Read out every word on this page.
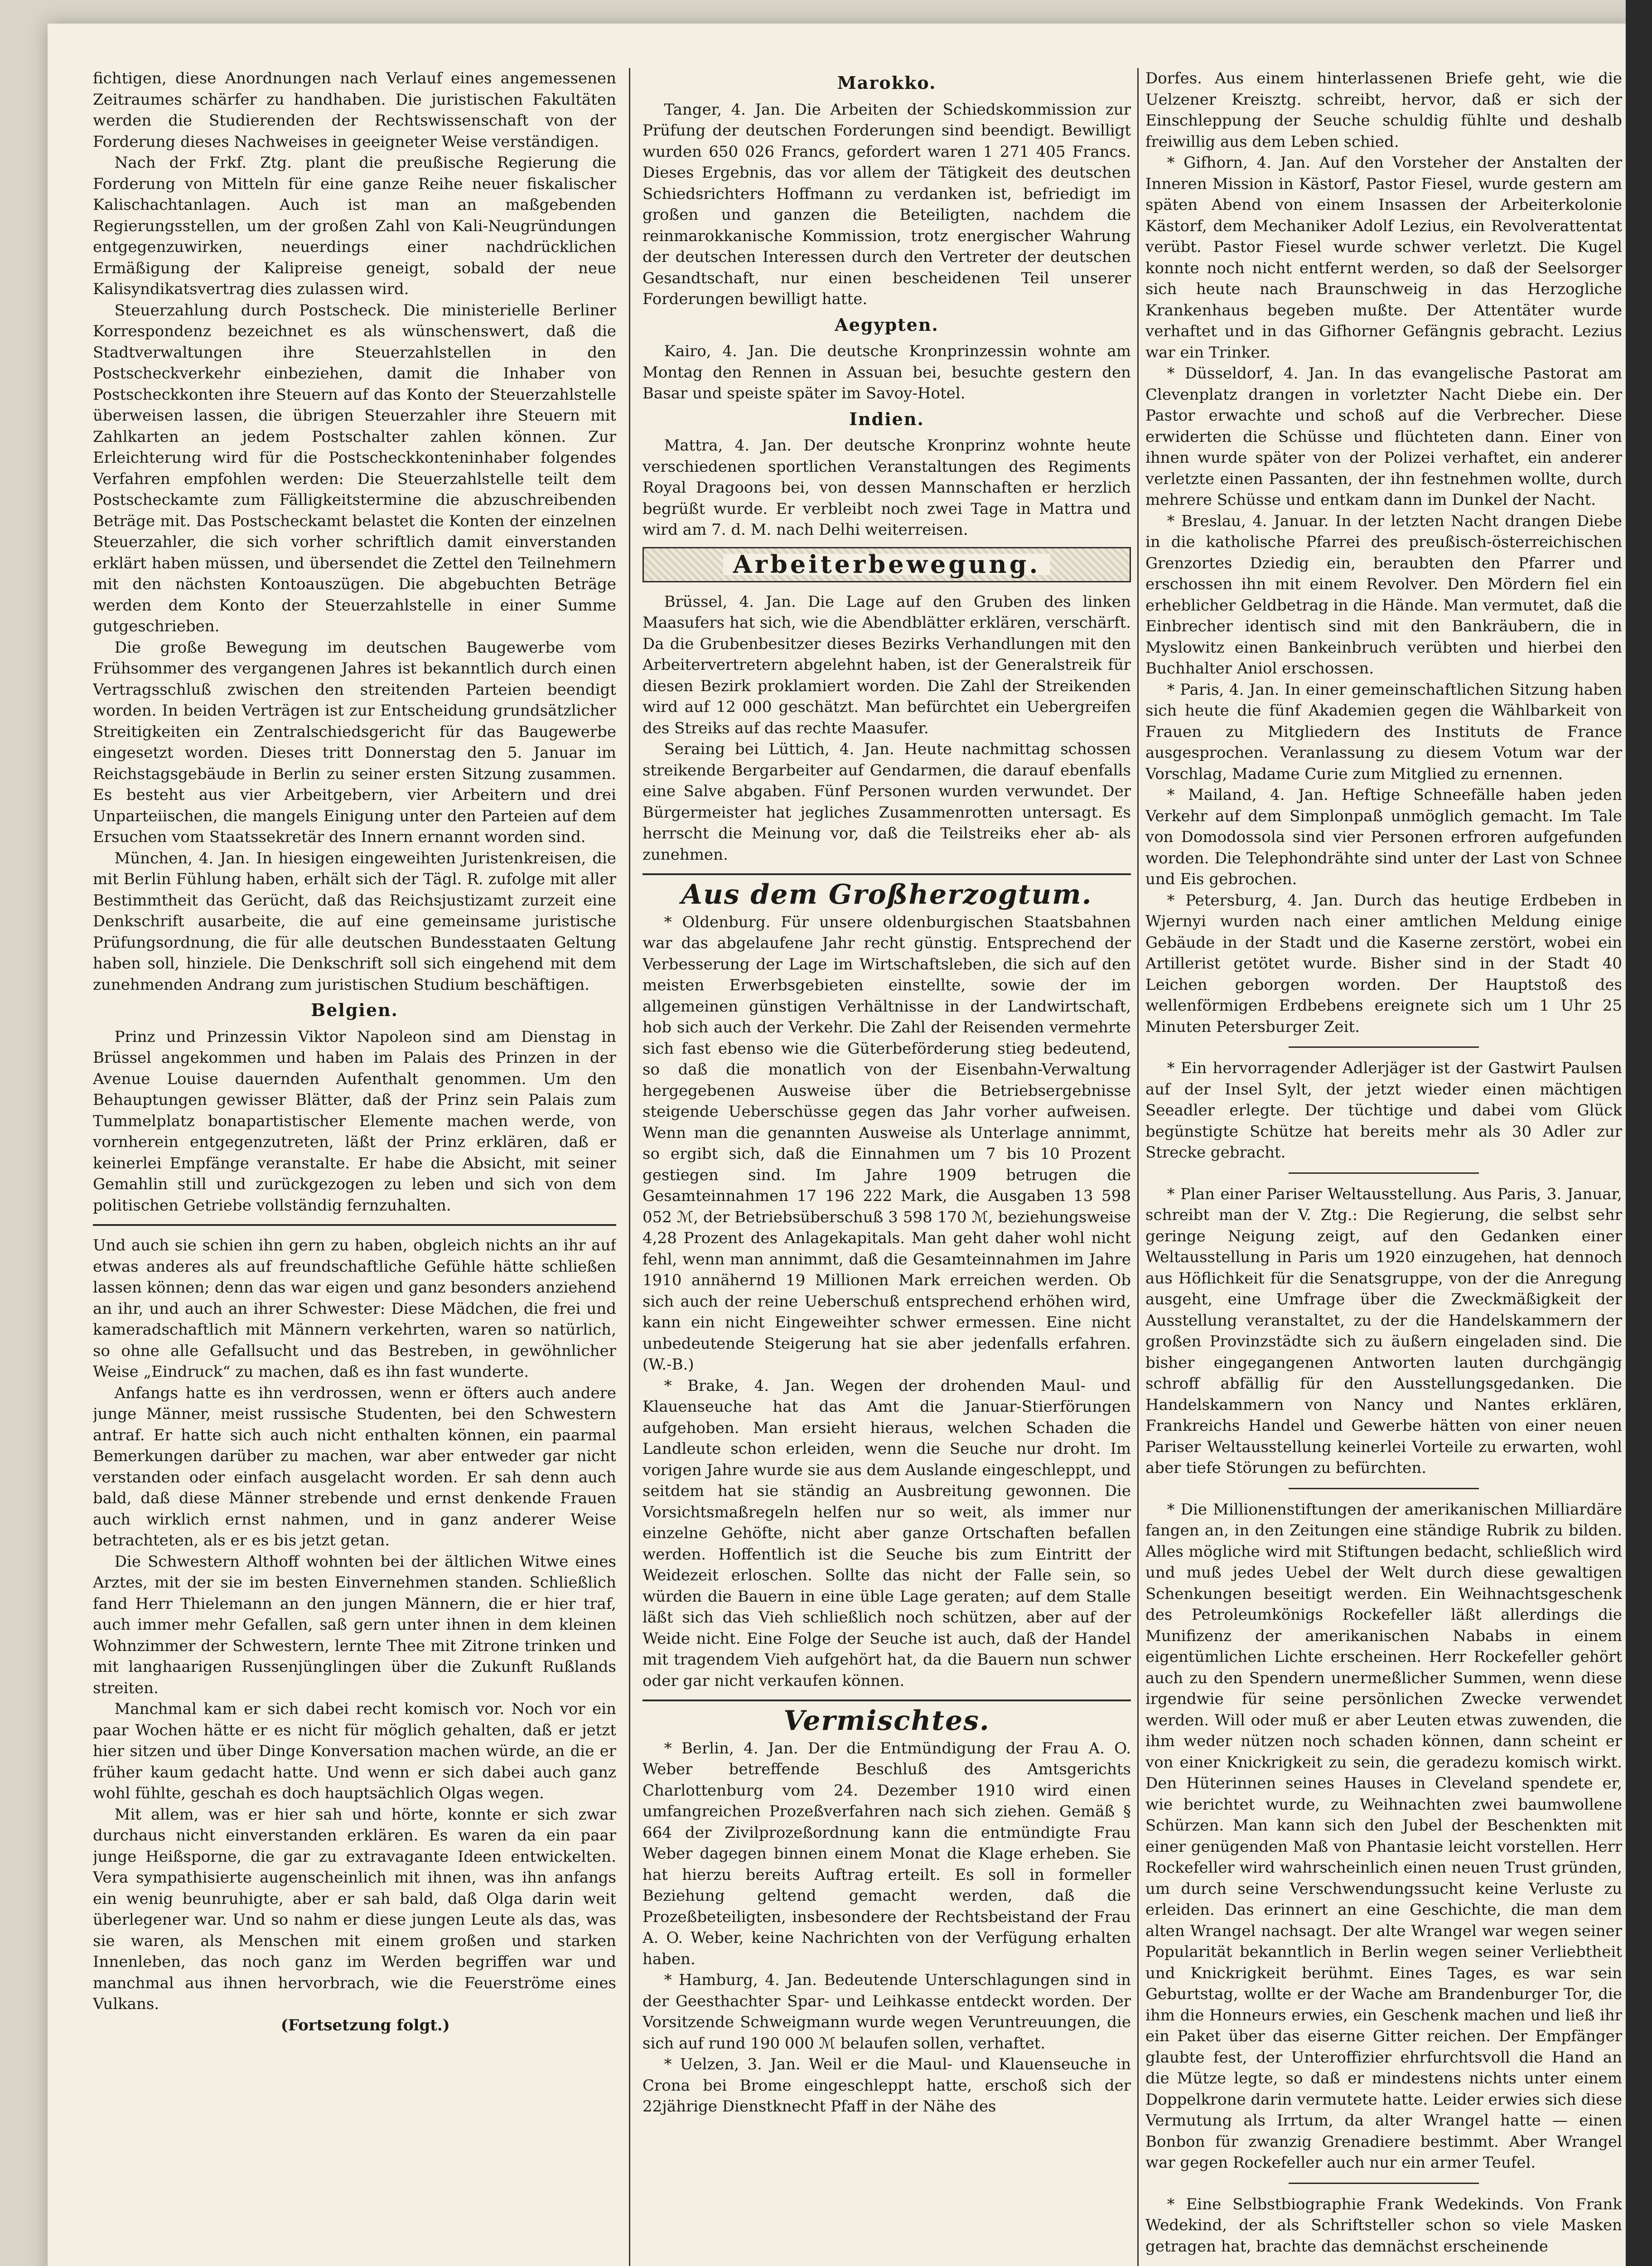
fichtigen, diese Anordnungen nach Verlauf eines angemessenen Zeitraumes schärfer zu handhaben. Die juristischen Fakultäten werden die Studierenden der Rechtswissenschaft von der Forderung dieses Nachweises in geeigneter Weise verständigen.

Nach der Frkf. Ztg. plant die preußische Regierung die Forderung von Mitteln für eine ganze Reihe neuer fiskalischer Kalischachtanlagen. Auch ist man an maßgebenden Regierungsstellen, um der großen Zahl von Kali-Neugründungen entgegenzuwirken, neuerdings einer nachdrücklichen Ermäßigung der Kalipreise geneigt, sobald der neue Kalisyndikatsvertrag dies zulassen wird.

Steuerzahlung durch Postscheck. Die ministerielle Berliner Korrespondenz bezeichnet es als wünschenswert, daß die Stadtverwaltungen ihre Steuerzahlstellen in den Postscheckverkehr einbeziehen, damit die Inhaber von Postscheckkonten ihre Steuern auf das Konto der Steuerzahlstelle überweisen lassen, die übrigen Steuerzahler ihre Steuern mit Zahlkarten an jedem Postschalter zahlen können. Zur Erleichterung wird für die Postscheckkonteninhaber folgendes Verfahren empfohlen werden: Die Steuerzahlstelle teilt dem Postscheckamte zum Fälligkeitstermine die abzuschreibenden Beträge mit. Das Postscheckamt belastet die Konten der einzelnen Steuerzahler, die sich vorher schriftlich damit einverstanden erklärt haben müssen, und übersendet die Zettel den Teilnehmern mit den nächsten Kontoauszügen. Die abgebuchten Beträge werden dem Konto der Steuerzahlstelle in einer Summe gutgeschrieben.

Die große Bewegung im deutschen Baugewerbe vom Frühsommer des vergangenen Jahres ist bekanntlich durch einen Vertragsschluß zwischen den streitenden Parteien beendigt worden. In beiden Verträgen ist zur Entscheidung grundsätzlicher Streitigkeiten ein Zentralschiedsgericht für das Baugewerbe eingesetzt worden. Dieses tritt Donnerstag den 5. Januar im Reichstagsgebäude in Berlin zu seiner ersten Sitzung zusammen. Es besteht aus vier Arbeitgebern, vier Arbeitern und drei Unparteiischen, die mangels Einigung unter den Parteien auf dem Ersuchen vom Staatssekretär des Innern ernannt worden sind.

München, 4. Jan. In hiesigen eingeweihten Juristenkreisen, die mit Berlin Fühlung haben, erhält sich der Tägl. R. zufolge mit aller Bestimmtheit das Gerücht, daß das Reichsjustizamt zurzeit eine Denkschrift ausarbeite, die auf eine gemeinsame juristische Prüfungsordnung, die für alle deutschen Bundesstaaten Geltung haben soll, hinziele. Die Denkschrift soll sich eingehend mit dem zunehmenden Andrang zum juristischen Studium beschäftigen.

Belgien.

Prinz und Prinzessin Viktor Napoleon sind am Dienstag in Brüssel angekommen und haben im Palais des Prinzen in der Avenue Louise dauernden Aufenthalt genommen. Um den Behauptungen gewisser Blätter, daß der Prinz sein Palais zum Tummelplatz bonapartistischer Elemente machen werde, von vornherein entgegenzutreten, läßt der Prinz erklären, daß er keinerlei Empfänge veranstalte. Er habe die Absicht, mit seiner Gemahlin still und zurückgezogen zu leben und sich von dem politischen Getriebe vollständig fernzuhalten.

Und auch sie schien ihn gern zu haben, obgleich nichts an ihr auf etwas anderes als auf freundschaftliche Gefühle hätte schließen lassen können; denn das war eigen und ganz besonders anziehend an ihr, und auch an ihrer Schwester: Diese Mädchen, die frei und kameradschaftlich mit Männern verkehrten, waren so natürlich, so ohne alle Gefallsucht und das Bestreben, in gewöhnlicher Weise „Eindruck“ zu machen, daß es ihn fast wunderte.

Anfangs hatte es ihn verdrossen, wenn er öfters auch andere junge Männer, meist russische Studenten, bei den Schwestern antraf. Er hatte sich auch nicht enthalten können, ein paarmal Bemerkungen darüber zu machen, war aber entweder gar nicht verstanden oder einfach ausgelacht worden. Er sah denn auch bald, daß diese Männer strebende und ernst denkende Frauen auch wirklich ernst nahmen, und in ganz anderer Weise betrachteten, als er es bis jetzt getan.

Die Schwestern Althoff wohnten bei der ältlichen Witwe eines Arztes, mit der sie im besten Einvernehmen standen. Schließlich fand Herr Thielemann an den jungen Männern, die er hier traf, auch immer mehr Gefallen, saß gern unter ihnen in dem kleinen Wohnzimmer der Schwestern, lernte Thee mit Zitrone trinken und mit langhaarigen Russenjünglingen über die Zukunft Rußlands streiten.

Manchmal kam er sich dabei recht komisch vor. Noch vor ein paar Wochen hätte er es nicht für möglich gehalten, daß er jetzt hier sitzen und über Dinge Konversation machen würde, an die er früher kaum gedacht hatte. Und wenn er sich dabei auch ganz wohl fühlte, geschah es doch hauptsächlich Olgas wegen.

Mit allem, was er hier sah und hörte, konnte er sich zwar durchaus nicht einverstanden erklären. Es waren da ein paar junge Heißsporne, die gar zu extravagante Ideen entwickelten. Vera sympathisierte augenscheinlich mit ihnen, was ihn anfangs ein wenig beunruhigte, aber er sah bald, daß Olga darin weit überlegener war. Und so nahm er diese jungen Leute als das, was sie waren, als Menschen mit einem großen und starken Innenleben, das noch ganz im Werden begriffen war und manchmal aus ihnen hervorbrach, wie die Feuerströme eines Vulkans.

(Fortsetzung folgt.)

Marokko.

Tanger, 4. Jan. Die Arbeiten der Schiedskommission zur Prüfung der deutschen Forderungen sind beendigt. Bewilligt wurden 650 026 Francs, gefordert waren 1 271 405 Francs. Dieses Ergebnis, das vor allem der Tätigkeit des deutschen Schiedsrichters Hoffmann zu verdanken ist, befriedigt im großen und ganzen die Beteiligten, nachdem die reinmarokkanische Kommission, trotz energischer Wahrung der deutschen Interessen durch den Vertreter der deutschen Gesandtschaft, nur einen bescheidenen Teil unserer Forderungen bewilligt hatte.

Aegypten.

Kairo, 4. Jan. Die deutsche Kronprinzessin wohnte am Montag den Rennen in Assuan bei, besuchte gestern den Basar und speiste später im Savoy-Hotel.

Indien.

Mattra, 4. Jan. Der deutsche Kronprinz wohnte heute verschiedenen sportlichen Veranstaltungen des Regiments Royal Dragoons bei, von dessen Mannschaften er herzlich begrüßt wurde. Er verbleibt noch zwei Tage in Mattra und wird am 7. d. M. nach Delhi weiterreisen.

Arbeiterbewegung.

Brüssel, 4. Jan. Die Lage auf den Gruben des linken Maasufers hat sich, wie die Abendblätter erklären, verschärft. Da die Grubenbesitzer dieses Bezirks Verhandlungen mit den Arbeitervertretern abgelehnt haben, ist der Generalstreik für diesen Bezirk proklamiert worden. Die Zahl der Streikenden wird auf 12 000 geschätzt. Man befürchtet ein Uebergreifen des Streiks auf das rechte Maasufer.

Seraing bei Lüttich, 4. Jan. Heute nachmittag schossen streikende Bergarbeiter auf Gendarmen, die darauf ebenfalls eine Salve abgaben. Fünf Personen wurden verwundet. Der Bürgermeister hat jegliches Zusammenrotten untersagt. Es herrscht die Meinung vor, daß die Teilstreiks eher ab- als zunehmen.

Aus dem Großherzogtum.

* Oldenburg. Für unsere oldenburgischen Staatsbahnen war das abgelaufene Jahr recht günstig. Entsprechend der Verbesserung der Lage im Wirtschaftsleben, die sich auf den meisten Erwerbsgebieten einstellte, sowie der im allgemeinen günstigen Verhältnisse in der Landwirtschaft, hob sich auch der Verkehr. Die Zahl der Reisenden vermehrte sich fast ebenso wie die Güterbeförderung stieg bedeutend, so daß die monatlich von der Eisenbahn-Verwaltung hergegebenen Ausweise über die Betriebsergebnisse steigende Ueberschüsse gegen das Jahr vorher aufweisen. Wenn man die genannten Ausweise als Unterlage annimmt, so ergibt sich, daß die Einnahmen um 7 bis 10 Prozent gestiegen sind. Im Jahre 1909 betrugen die Gesamteinnahmen 17 196 222 Mark, die Ausgaben 13 598 052 ℳ, der Betriebsüberschuß 3 598 170 ℳ, beziehungsweise 4,28 Prozent des Anlagekapitals. Man geht daher wohl nicht fehl, wenn man annimmt, daß die Gesamteinnahmen im Jahre 1910 annähernd 19 Millionen Mark erreichen werden. Ob sich auch der reine Ueberschuß entsprechend erhöhen wird, kann ein nicht Eingeweihter schwer ermessen. Eine nicht unbedeutende Steigerung hat sie aber jedenfalls erfahren. (W.-B.)

* Brake, 4. Jan. Wegen der drohenden Maul- und Klauenseuche hat das Amt die Januar-Stierförungen aufgehoben. Man ersieht hieraus, welchen Schaden die Landleute schon erleiden, wenn die Seuche nur droht. Im vorigen Jahre wurde sie aus dem Auslande eingeschleppt, und seitdem hat sie ständig an Ausbreitung gewonnen. Die Vorsichtsmaßregeln helfen nur so weit, als immer nur einzelne Gehöfte, nicht aber ganze Ortschaften befallen werden. Hoffentlich ist die Seuche bis zum Eintritt der Weidezeit erloschen. Sollte das nicht der Falle sein, so würden die Bauern in eine üble Lage geraten; auf dem Stalle läßt sich das Vieh schließlich noch schützen, aber auf der Weide nicht. Eine Folge der Seuche ist auch, daß der Handel mit tragendem Vieh aufgehört hat, da die Bauern nun schwer oder gar nicht verkaufen können.

Vermischtes.

* Berlin, 4. Jan. Der die Entmündigung der Frau A. O. Weber betreffende Beschluß des Amtsgerichts Charlottenburg vom 24. Dezember 1910 wird einen umfangreichen Prozeßverfahren nach sich ziehen. Gemäß § 664 der Zivilprozeßordnung kann die entmündigte Frau Weber dagegen binnen einem Monat die Klage erheben. Sie hat hierzu bereits Auftrag erteilt. Es soll in formeller Beziehung geltend gemacht werden, daß die Prozeßbeteiligten, insbesondere der Rechtsbeistand der Frau A. O. Weber, keine Nachrichten von der Verfügung erhalten haben.

* Hamburg, 4. Jan. Bedeutende Unterschlagungen sind in der Geesthachter Spar- und Leihkasse entdeckt worden. Der Vorsitzende Schweigmann wurde wegen Veruntreuungen, die sich auf rund 190 000 ℳ belaufen sollen, verhaftet.

* Uelzen, 3. Jan. Weil er die Maul- und Klauenseuche in Crona bei Brome eingeschleppt hatte, erschoß sich der 22jährige Dienstknecht Pfaff in der Nähe des

Dorfes. Aus einem hinterlassenen Briefe geht, wie die Uelzener Kreisztg. schreibt, hervor, daß er sich der Einschleppung der Seuche schuldig fühlte und deshalb freiwillig aus dem Leben schied.

* Gifhorn, 4. Jan. Auf den Vorsteher der Anstalten der Inneren Mission in Kästorf, Pastor Fiesel, wurde gestern am späten Abend von einem Insassen der Arbeiterkolonie Kästorf, dem Mechaniker Adolf Lezius, ein Revolverattentat verübt. Pastor Fiesel wurde schwer verletzt. Die Kugel konnte noch nicht entfernt werden, so daß der Seelsorger sich heute nach Braunschweig in das Herzogliche Krankenhaus begeben mußte. Der Attentäter wurde verhaftet und in das Gifhorner Gefängnis gebracht. Lezius war ein Trinker.

* Düsseldorf, 4. Jan. In das evangelische Pastorat am Clevenplatz drangen in vorletzter Nacht Diebe ein. Der Pastor erwachte und schoß auf die Verbrecher. Diese erwiderten die Schüsse und flüchteten dann. Einer von ihnen wurde später von der Polizei verhaftet, ein anderer verletzte einen Passanten, der ihn festnehmen wollte, durch mehrere Schüsse und entkam dann im Dunkel der Nacht.

* Breslau, 4. Januar. In der letzten Nacht drangen Diebe in die katholische Pfarrei des preußisch-österreichischen Grenzortes Dziedig ein, beraubten den Pfarrer und erschossen ihn mit einem Revolver. Den Mördern fiel ein erheblicher Geldbetrag in die Hände. Man vermutet, daß die Einbrecher identisch sind mit den Bankräubern, die in Myslowitz einen Bankeinbruch verübten und hierbei den Buchhalter Aniol erschossen.

* Paris, 4. Jan. In einer gemeinschaftlichen Sitzung haben sich heute die fünf Akademien gegen die Wählbarkeit von Frauen zu Mitgliedern des Instituts de France ausgesprochen. Veranlassung zu diesem Votum war der Vorschlag, Madame Curie zum Mitglied zu ernennen.

* Mailand, 4. Jan. Heftige Schneefälle haben jeden Verkehr auf dem Simplonpaß unmöglich gemacht. Im Tale von Domodossola sind vier Personen erfroren aufgefunden worden. Die Telephondrähte sind unter der Last von Schnee und Eis gebrochen.

* Petersburg, 4. Jan. Durch das heutige Erdbeben in Wjernyi wurden nach einer amtlichen Meldung einige Gebäude in der Stadt und die Kaserne zerstört, wobei ein Artillerist getötet wurde. Bisher sind in der Stadt 40 Leichen geborgen worden. Der Hauptstoß des wellenförmigen Erdbebens ereignete sich um 1 Uhr 25 Minuten Petersburger Zeit.

* Ein hervorragender Adlerjäger ist der Gastwirt Paulsen auf der Insel Sylt, der jetzt wieder einen mächtigen Seeadler erlegte. Der tüchtige und dabei vom Glück begünstigte Schütze hat bereits mehr als 30 Adler zur Strecke gebracht.

* Plan einer Pariser Weltausstellung. Aus Paris, 3. Januar, schreibt man der V. Ztg.: Die Regierung, die selbst sehr geringe Neigung zeigt, auf den Gedanken einer Weltausstellung in Paris um 1920 einzugehen, hat dennoch aus Höflichkeit für die Senatsgruppe, von der die Anregung ausgeht, eine Umfrage über die Zweckmäßigkeit der Ausstellung veranstaltet, zu der die Handelskammern der großen Provinzstädte sich zu äußern eingeladen sind. Die bisher eingegangenen Antworten lauten durchgängig schroff abfällig für den Ausstellungsgedanken. Die Handelskammern von Nancy und Nantes erklären, Frankreichs Handel und Gewerbe hätten von einer neuen Pariser Weltausstellung keinerlei Vorteile zu erwarten, wohl aber tiefe Störungen zu befürchten.

* Die Millionenstiftungen der amerikanischen Milliardäre fangen an, in den Zeitungen eine ständige Rubrik zu bilden. Alles mögliche wird mit Stiftungen bedacht, schließlich wird und muß jedes Uebel der Welt durch diese gewaltigen Schenkungen beseitigt werden. Ein Weihnachtsgeschenk des Petroleumkönigs Rockefeller läßt allerdings die Munifizenz der amerikanischen Nababs in einem eigentümlichen Lichte erscheinen. Herr Rockefeller gehört auch zu den Spendern unermeßlicher Summen, wenn diese irgendwie für seine persönlichen Zwecke verwendet werden. Will oder muß er aber Leuten etwas zuwenden, die ihm weder nützen noch schaden können, dann scheint er von einer Knickrigkeit zu sein, die geradezu komisch wirkt. Den Hüterinnen seines Hauses in Cleveland spendete er, wie berichtet wurde, zu Weihnachten zwei baumwollene Schürzen. Man kann sich den Jubel der Beschenkten mit einer genügenden Maß von Phantasie leicht vorstellen. Herr Rockefeller wird wahrscheinlich einen neuen Trust gründen, um durch seine Verschwendungssucht keine Verluste zu erleiden. Das erinnert an eine Geschichte, die man dem alten Wrangel nachsagt. Der alte Wrangel war wegen seiner Popularität bekanntlich in Berlin wegen seiner Verliebtheit und Knickrigkeit berühmt. Eines Tages, es war sein Geburtstag, wollte er der Wache am Brandenburger Tor, die ihm die Honneurs erwies, ein Geschenk machen und ließ ihr ein Paket über das eiserne Gitter reichen. Der Empfänger glaubte fest, der Unteroffizier ehrfurchtsvoll die Hand an die Mütze legte, so daß er mindestens nichts unter einem Doppelkrone darin vermutete hatte. Leider erwies sich diese Vermutung als Irrtum, da alter Wrangel hatte — einen Bonbon für zwanzig Grenadiere bestimmt. Aber Wrangel war gegen Rockefeller auch nur ein armer Teufel.

* Eine Selbstbiographie Frank Wedekinds. Von Frank Wedekind, der als Schriftsteller schon so viele Masken getragen hat, brachte das demnächst erscheinende
